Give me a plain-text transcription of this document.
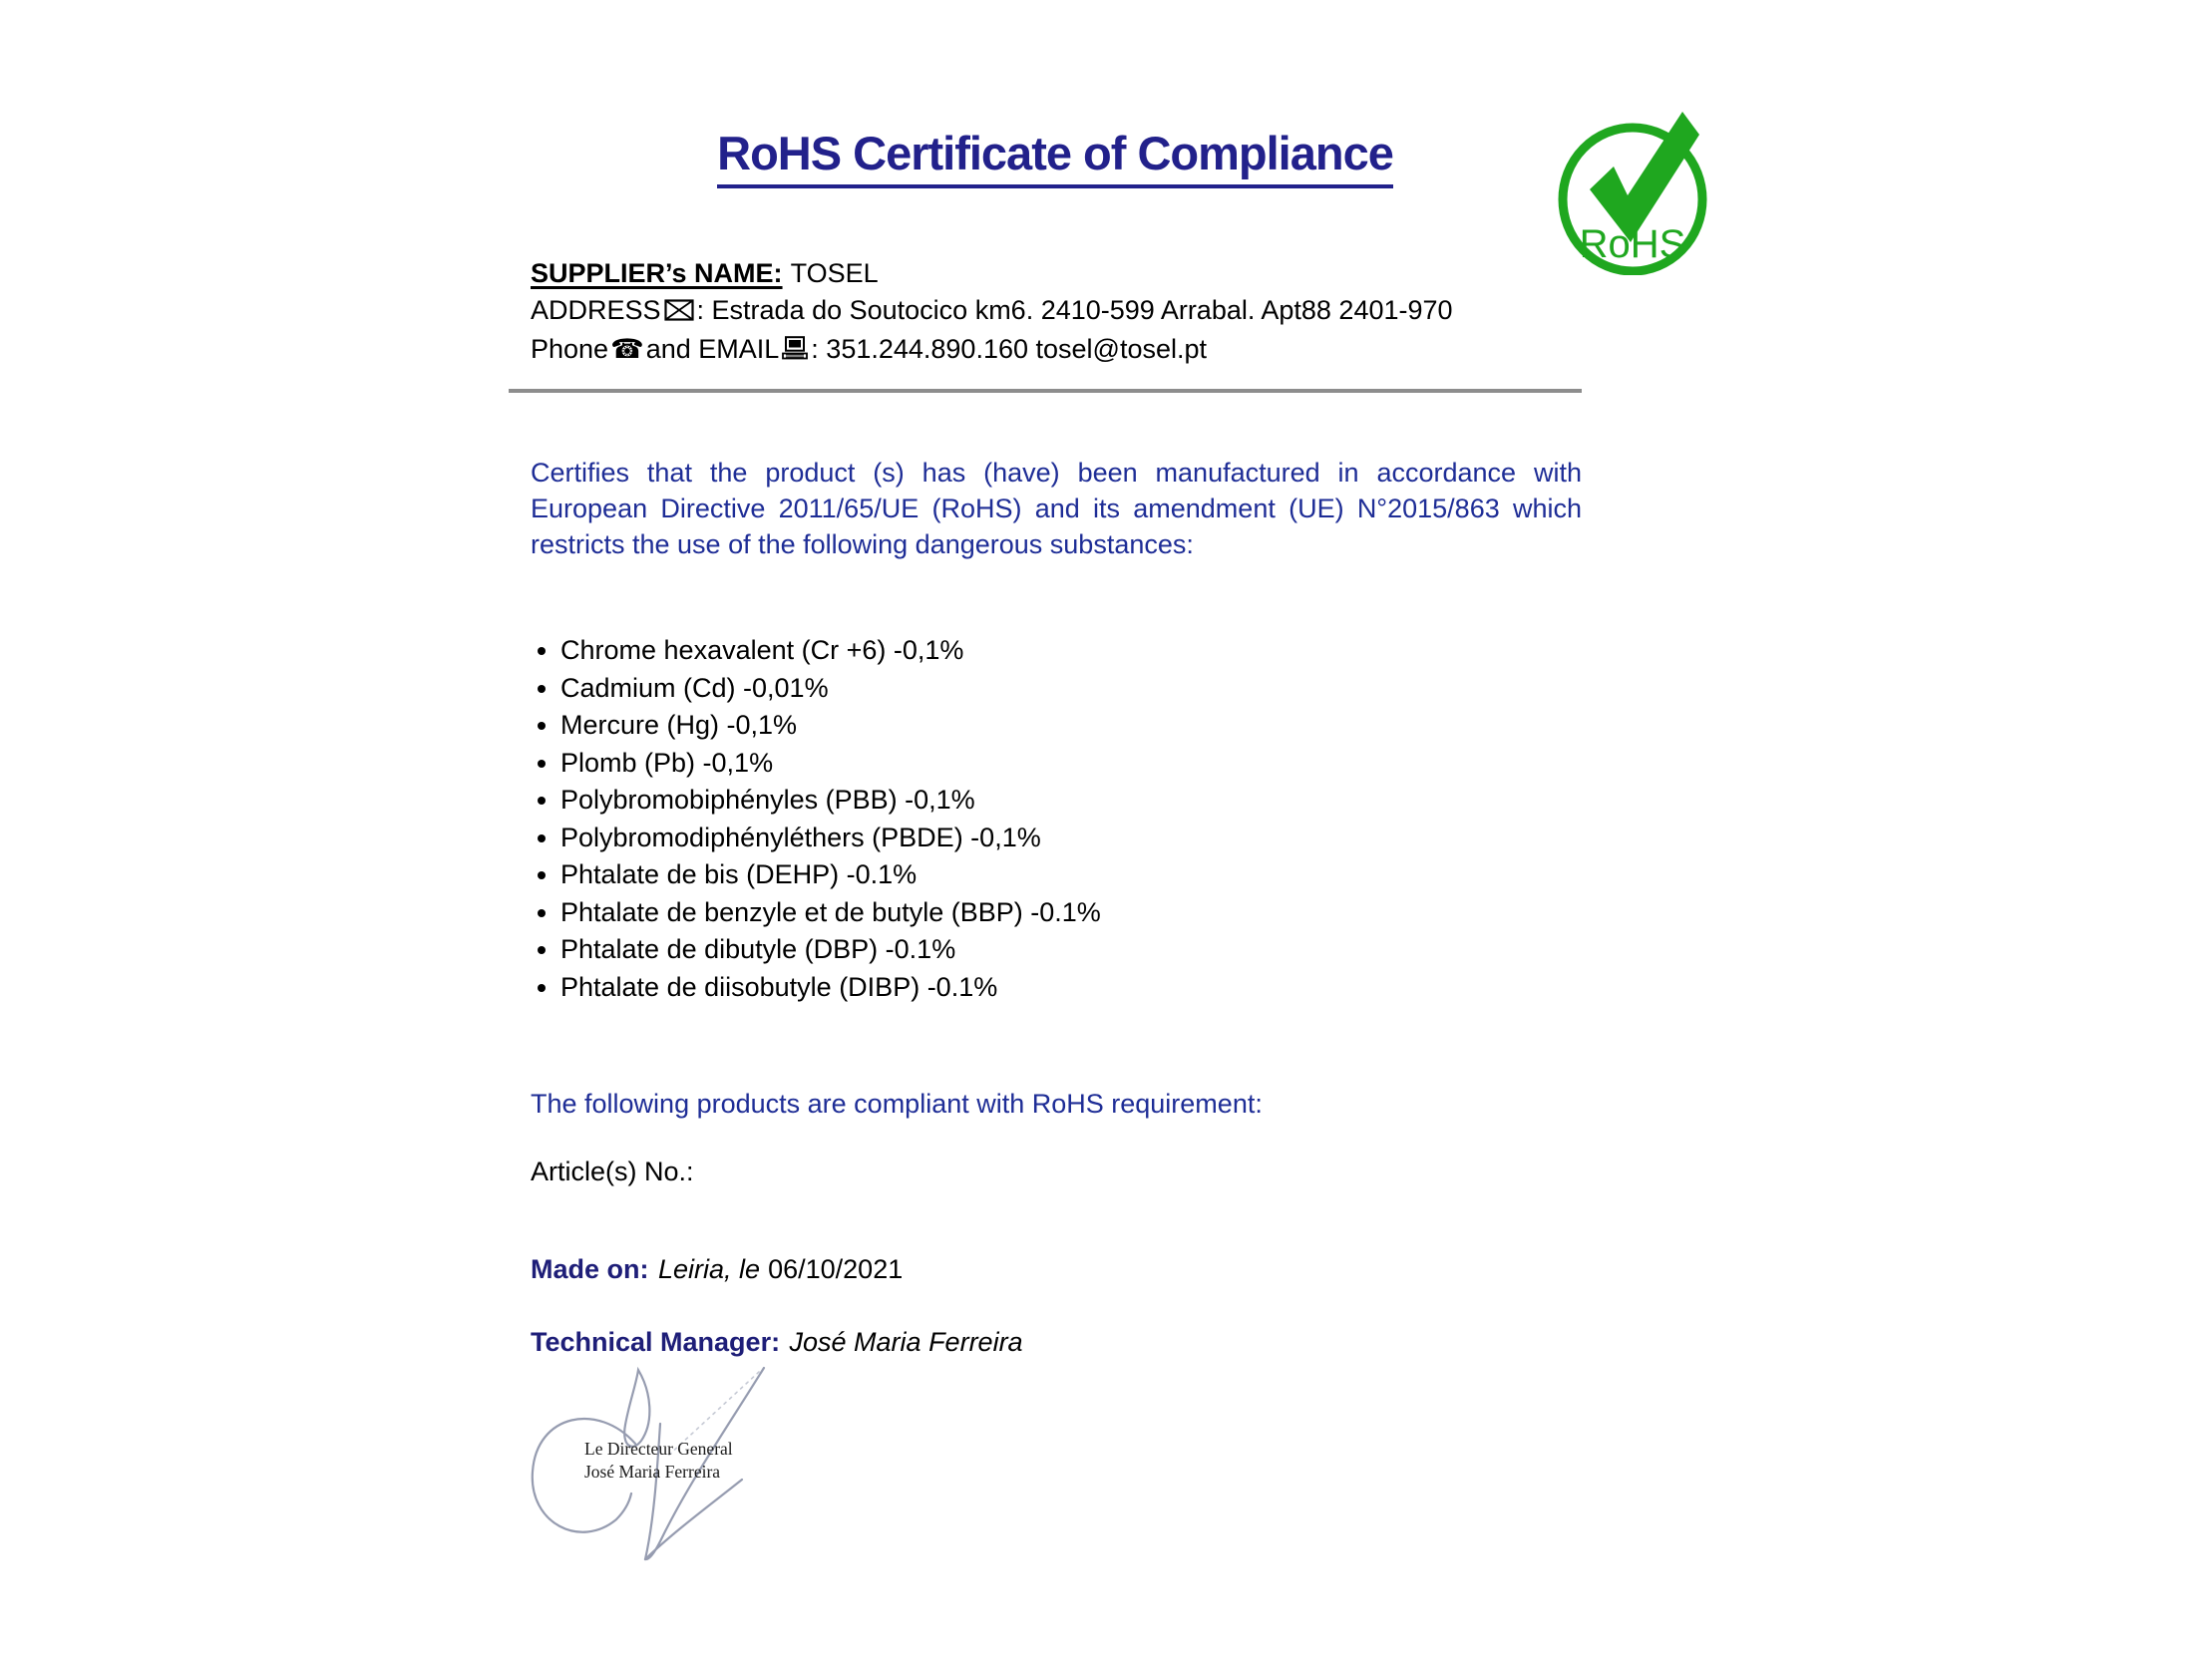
RoHS Certificate of Compliance
RoHS
SUPPLIER’s NAME: TOSEL
ADDRESS : Estrada do Soutocico km6. 2410-599 Arrabal. Apt88 2401-970
Phone☎and EMAIL : 351.244.890.160 tosel@tosel.pt
Certifies that the product (s) has (have) been manufactured in accordance with European Directive 2011/65/UE (RoHS) and its amendment (UE) N°2015/863 which restricts the use of the following dangerous substances:
• Chrome hexavalent (Cr +6) -0,1%
• Cadmium (Cd) -0,01%
• Mercure (Hg) -0,1%
• Plomb (Pb) -0,1%
• Polybromobiphényles (PBB) -0,1%
• Polybromodiphényléthers (PBDE) -0,1%
• Phtalate de bis (DEHP) -0.1%
• Phtalate de benzyle et de butyle (BBP) -0.1%
• Phtalate de dibutyle (DBP) -0.1%
• Phtalate de diisobutyle (DIBP) -0.1%
The following products are compliant with RoHS requirement:
Article(s) No.:
Made on: Leiria, le 06/10/2021
Technical Manager: José Maria Ferreira
Le Directeur General
José Maria Ferreira
